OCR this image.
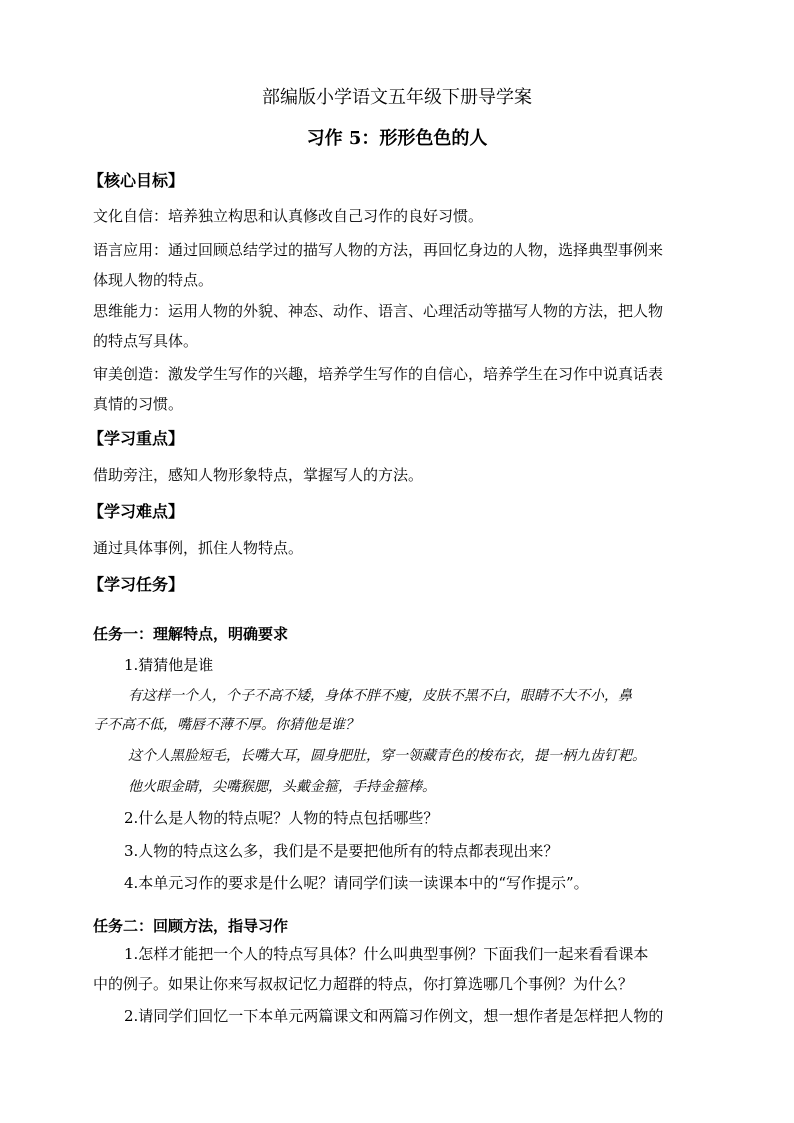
部编版小学语文五年级下册导学案
习作 5：形形色色的人
【核心目标】
文化自信：培养独立构思和认真修改自己习作的良好习惯。
语言应用：通过回顾总结学过的描写人物的方法，再回忆身边的人物，选择典型事例来
体现人物的特点。
思维能力：运用人物的外貌、神态、动作、语言、心理活动等描写人物的方法，把人物
的特点写具体。
审美创造：激发学生写作的兴趣，培养学生写作的自信心，培养学生在习作中说真话表
真情的习惯。
【学习重点】
借助旁注，感知人物形象特点，掌握写人的方法。
【学习难点】
通过具体事例，抓住人物特点。
【学习任务】
任务一：理解特点，明确要求
1.猜猜他是谁
有这样一个人，个子不高不矮，身体不胖不瘦，皮肤不黑不白，眼睛不大不小，鼻
子不高不低，嘴唇不薄不厚。你猜他是谁？
这个人黑脸短毛，长嘴大耳，圆身肥肚，穿一领藏青色的梭布衣，提一柄九齿钉耙。
他火眼金睛，尖嘴猴腮，头戴金箍，手持金箍棒。
2.什么是人物的特点呢？人物的特点包括哪些？
3.人物的特点这么多，我们是不是要把他所有的特点都表现出来？
4.本单元习作的要求是什么呢？请同学们读一读课本中的“写作提示”。
任务二：回顾方法，指导习作
1.怎样才能把一个人的特点写具体？什么叫典型事例？下面我们一起来看看课本
中的例子。如果让你来写叔叔记忆力超群的特点，你打算选哪几个事例？为什么？
2.请同学们回忆一下本单元两篇课文和两篇习作例文，想一想作者是怎样把人物的
